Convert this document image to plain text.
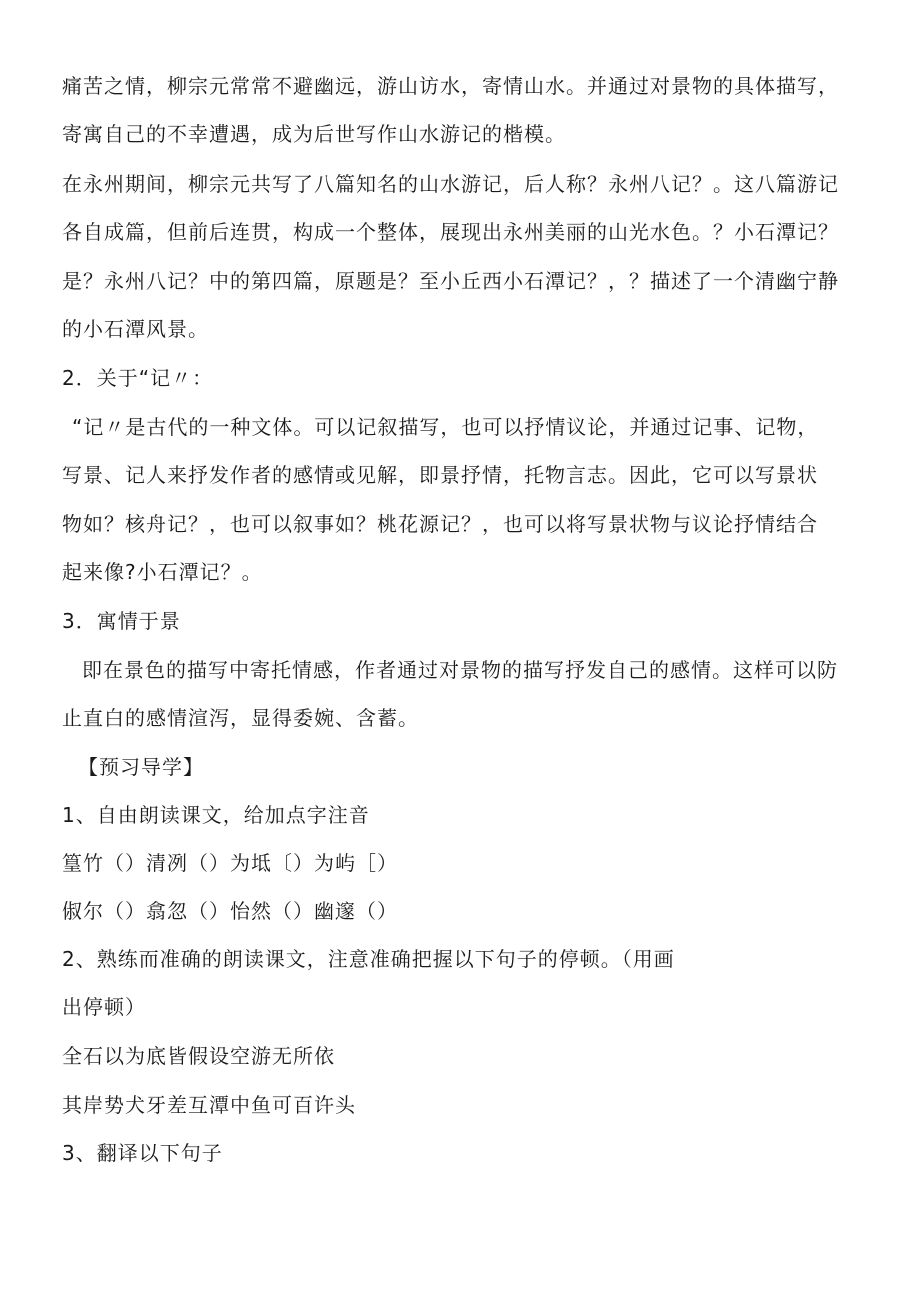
痛苦之情，柳宗元常常不避幽远，游山访水，寄情山水。并通过对景物的具体描写，
寄寓自己的不幸遭遇，成为后世写作山水游记的楷模。
在永州期间，柳宗元共写了八篇知名的山水游记，后人称？永州八记？。这八篇游记
各自成篇，但前后连贯，构成一个整体，展现出永州美丽的山光水色。？小石潭记？
是？永州八记？中的第四篇，原题是？至小丘西小石潭记？，？描述了一个清幽宁静
的小石潭风景。
2．关于“记〃：
“记〃是古代的一种文体。可以记叙描写，也可以抒情议论，并通过记事、记物，
写景、记人来抒发作者的感情或见解，即景抒情，托物言志。因此，它可以写景状
物如？核舟记？，也可以叙事如？桃花源记？，也可以将写景状物与议论抒情结合
起来像?小石潭记？。
3．寓情于景
即在景色的描写中寄托情感，作者通过对景物的描写抒发自己的感情。这样可以防
止直白的感情渲泻，显得委婉、含蓄。
【预习导学】
1、自由朗读课文，给加点字注音
篁竹（）清冽（）为坻〔）为屿［）
俶尔（）翕忽（）怡然（）幽邃（）
2、熟练而准确的朗读课文，注意准确把握以下句子的停顿。（用画
出停顿）
全石以为底皆假设空游无所依
其岸势犬牙差互潭中鱼可百许头
3、翻译以下句子
